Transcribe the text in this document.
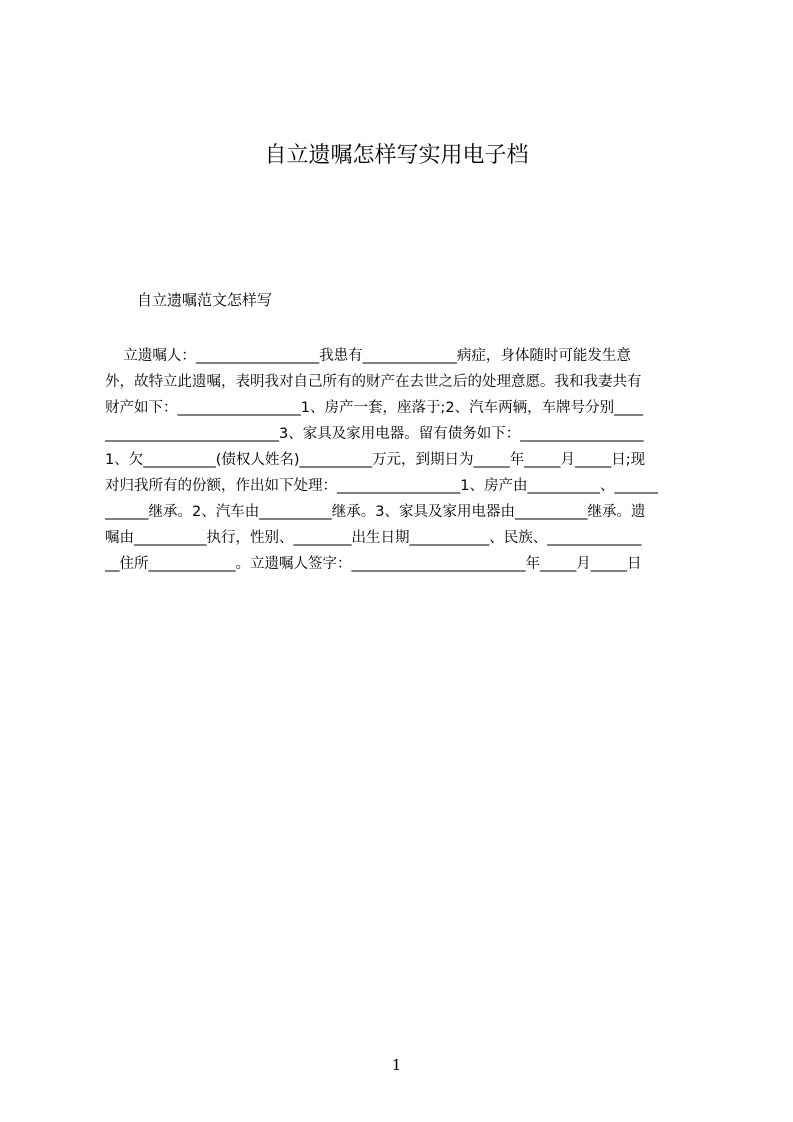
自立遗嘱怎样写实用电子档

自立遗嘱范文怎样写

立遗嘱人：_________________我患有_____________病症，身体随时可能发生意
外，故特立此遗嘱，表明我对自己所有的财产在去世之后的处理意愿。我和我妻共有
财产如下：_________________1、房产一套，座落于;2、汽车两辆，车牌号分别____
________________________3、家具及家用电器。留有债务如下：_________________
1、欠__________(债权人姓名)__________万元，到期日为_____年_____月_____日;现
对归我所有的份额，作出如下处理：_________________1、房产由__________、______
______继承。2、汽车由__________继承。3、家具及家用电器由__________继承。遗
嘱由__________执行，性别、________出生日期___________、民族、_____________
__住所____________。立遗嘱人签字：________________________年_____月_____日
1
